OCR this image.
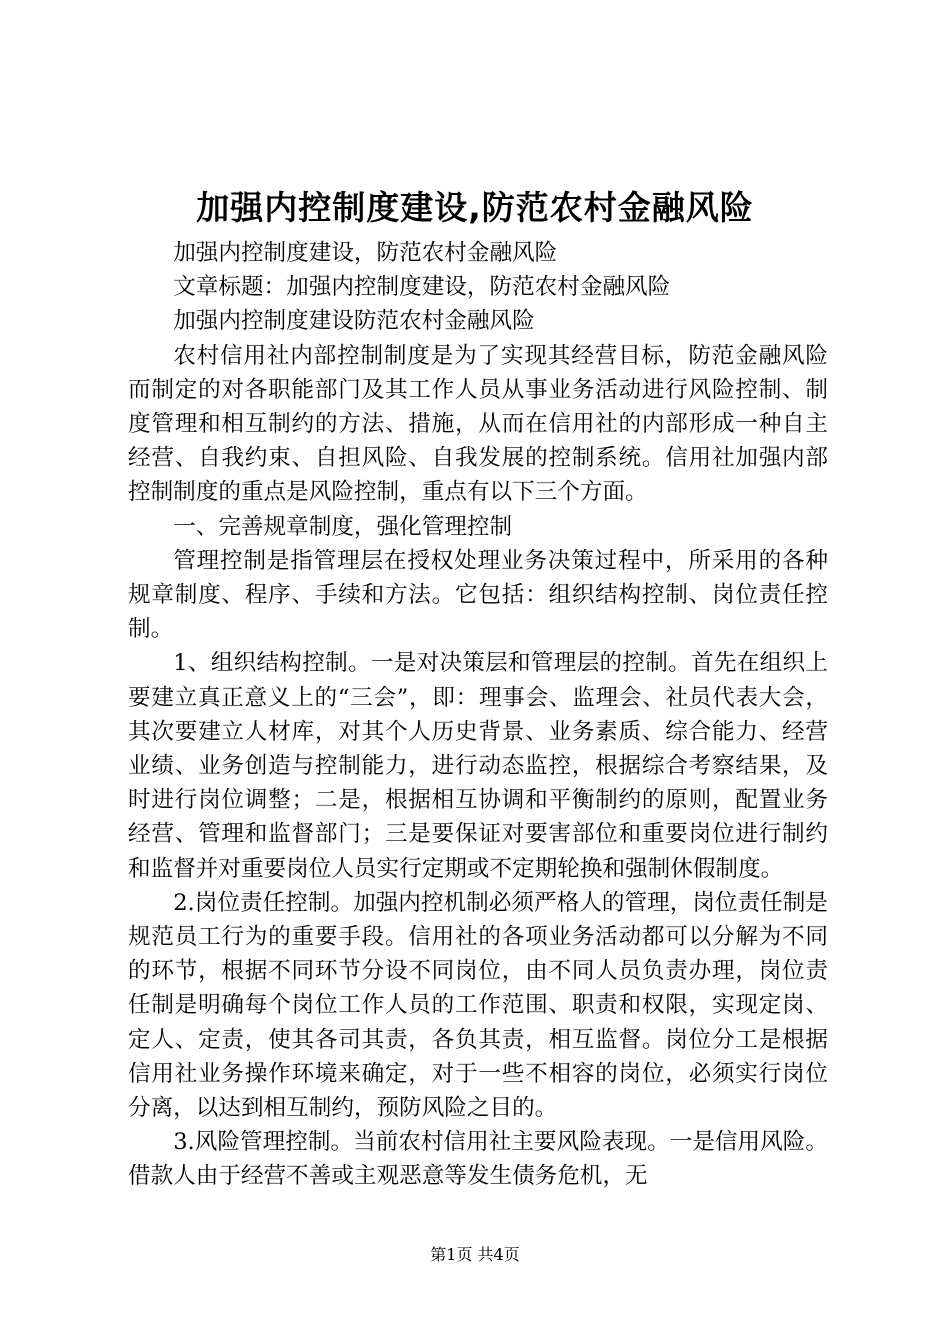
加强内控制度建设,防范农村金融风险

加强内控制度建设，防范农村金融风险

文章标题：加强内控制度建设，防范农村金融风险

加强内控制度建设防范农村金融风险

农村信用社内部控制制度是为了实现其经营目标，防范金融风险而制定的对各职能部门及其工作人员从事业务活动进行风险控制、制度管理和相互制约的方法、措施，从而在信用社的内部形成一种自主经营、自我约束、自担风险、自我发展的控制系统。信用社加强内部控制制度的重点是风险控制，重点有以下三个方面。

一、完善规章制度，强化管理控制

管理控制是指管理层在授权处理业务决策过程中，所采用的各种规章制度、程序、手续和方法。它包括：组织结构控制、岗位责任控制。

1、组织结构控制。一是对决策层和管理层的控制。首先在组织上要建立真正意义上的“三会”，即：理事会、监理会、社员代表大会，其次要建立人材库，对其个人历史背景、业务素质、综合能力、经营业绩、业务创造与控制能力，进行动态监控，根据综合考察结果，及时进行岗位调整；二是，根据相互协调和平衡制约的原则，配置业务经营、管理和监督部门；三是要保证对要害部位和重要岗位进行制约和监督并对重要岗位人员实行定期或不定期轮换和强制休假制度。

2.岗位责任控制。加强内控机制必须严格人的管理，岗位责任制是规范员工行为的重要手段。信用社的各项业务活动都可以分解为不同的环节，根据不同环节分设不同岗位，由不同人员负责办理，岗位责任制是明确每个岗位工作人员的工作范围、职责和权限，实现定岗、定人、定责，使其各司其责，各负其责，相互监督。岗位分工是根据信用社业务操作环境来确定，对于一些不相容的岗位，必须实行岗位分离，以达到相互制约，预防风险之目的。

3.风险管理控制。当前农村信用社主要风险表现。一是信用风险。借款人由于经营不善或主观恶意等发生债务危机，无

第1页 共4页
